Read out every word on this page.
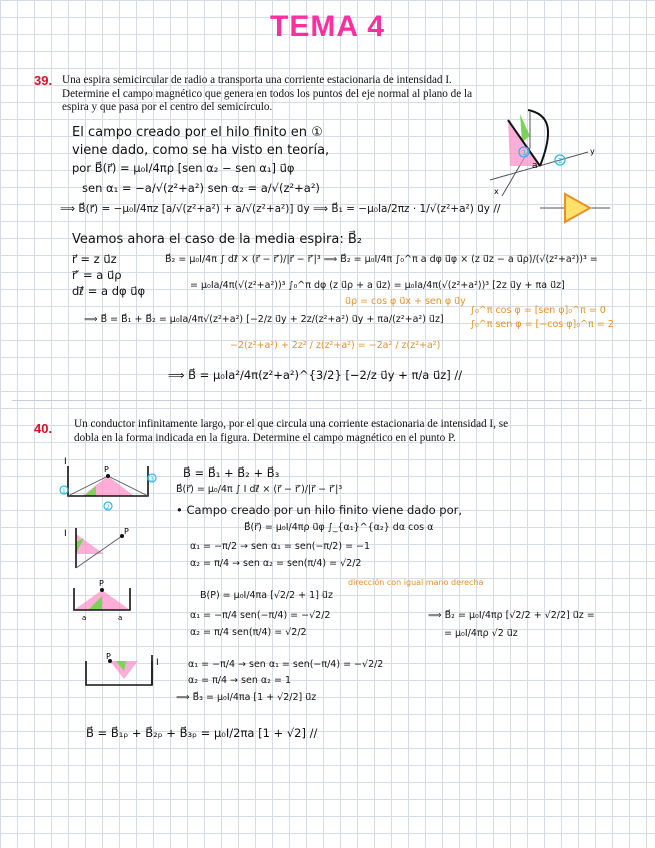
TEMA 4
39. Una espira semicircular de radio a transporta una corriente estacionaria de intensidad I. Determine el campo magnético que genera en todos los puntos del eje normal al plano de la espira y que pasa por el centro del semicírculo.
El campo creado por el hilo finito en ①
viene dado, como se ha visto en teoría,
por B⃗(r⃗) = μ₀I/4πρ [sen α₂ − sen α₁] u⃗φ
sen α₁ = −a/√(z²+a²) sen α₂ = a/√(z²+a²)
⟹ B⃗(r⃗) = −μ₀I/4πz [a/√(z²+a²) + a/√(z²+a²)] u⃗y ⟹ B⃗₁ = −μ₀Ia/2πz · 1/√(z²+a²) u⃗y //
Veamos ahora el caso de la media espira: B⃗₂
r⃗ = z u⃗z
r⃗′ = a u⃗ρ
dℓ⃗ = a dφ u⃗φ
B⃗₂ = μ₀I/4π ∫ dℓ⃗ × (r⃗ − r⃗′)/|r⃗ − r⃗′|³ ⟹ B⃗₂ = μ₀I/4π ∫₀^π a dφ u⃗φ × (z u⃗z − a u⃗ρ)/(√(z²+a²))³ =
= μ₀Ia/4π(√(z²+a²))³ ∫₀^π dφ (z u⃗ρ + a u⃗z) = μ₀Ia/4π(√(z²+a²))³ [2z u⃗y + πa u⃗z]
u⃗ρ = cos φ u⃗x + sen φ u⃗y
∫₀^π cos φ = [sen φ]₀^π = 0
∫₀^π sen φ = [−cos φ]₀^π = 2
⟹ B⃗ = B⃗₁ + B⃗₂ = μ₀Ia/4π√(z²+a²) [−2/z u⃗y + 2z/(z²+a²) u⃗y + πa/(z²+a²) u⃗z]
−2(z²+a²) + 2z² / z(z²+a²) = −2a² / z(z²+a²)
⟹ B⃗ = μ₀Ia²/4π(z²+a²)^{3/2} [−2/z u⃗y + π/a u⃗z] //
1
2
a
y
x
40. Un conductor infinitamente largo, por el que circula una corriente estacionaria de intensidad I, se dobla en la forma indicada en la figura. Determine el campo magnético en el punto P.
B⃗ = B⃗₁ + B⃗₂ + B⃗₃
B⃗(r⃗) = μ₀/4π ∫ I dℓ⃗ × (r⃗ − r⃗′)/|r⃗ − r⃗′|³
• Campo creado por un hilo finito viene dado por,
B⃗(r⃗) = μ₀I/4πρ u⃗φ ∫_{α₁}^{α₂} dα cos α
α₁ = −π/2 → sen α₁ = sen(−π/2) = −1
α₂ = π/4 → sen α₂ = sen(π/4) = √2/2
B(P) = μ₀I/4πa [√2/2 + 1] u⃗z
dirección con igual mano derecha
α₁ = −π/4 sen(−π/4) = −√2/2
α₂ = π/4 sen(π/4) = √2/2
⟹ B⃗₂ = μ₀I/4πρ [√2/2 + √2/2] u⃗z =
= μ₀I/4πρ √2 u⃗z
α₁ = −π/4 → sen α₁ = sen(−π/4) = −√2/2
α₂ = π/4 → sen α₂ = 1
⟹ B⃗₃ = μ₀I/4πa [1 + √2/2] u⃗z
B⃗ = B⃗₁ₚ + B⃗₂ₚ + B⃗₃ₚ = μ₀I/2πa [1 + √2] //
I
P
1
2
3
I	P
P
a	a
P
I
